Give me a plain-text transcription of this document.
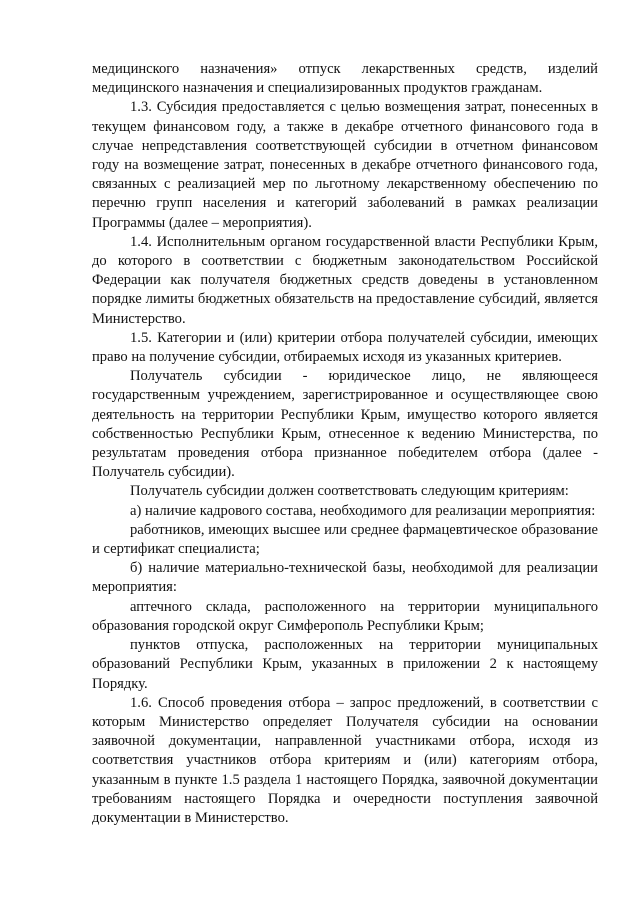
медицинского назначения» отпуск лекарственных средств, изделий медицинского назначения и специализированных продуктов гражданам.

1.3. Субсидия предоставляется с целью возмещения затрат, понесенных в текущем финансовом году, а также в декабре отчетного финансового года в случае непредставления соответствующей субсидии в отчетном финансовом году на возмещение затрат, понесенных в декабре отчетного финансового года, связанных с реализацией мер по льготному лекарственному обеспечению по перечню групп населения и категорий заболеваний в рамках реализации Программы (далее – мероприятия).

1.4. Исполнительным органом государственной власти Республики Крым, до которого в соответствии с бюджетным законодательством Российской Федерации как получателя бюджетных средств доведены в установленном порядке лимиты бюджетных обязательств на предоставление субсидий, является Министерство.

1.5. Категории и (или) критерии отбора получателей субсидии, имеющих право на получение субсидии, отбираемых исходя из указанных критериев.

Получатель субсидии - юридическое лицо, не являющееся государственным учреждением, зарегистрированное и осуществляющее свою деятельность на территории Республики Крым, имущество которого является собственностью Республики Крым, отнесенное к ведению Министерства, по результатам проведения отбора признанное победителем отбора (далее - Получатель субсидии).

Получатель субсидии должен соответствовать следующим критериям:

а) наличие кадрового состава, необходимого для реализации мероприятия:

работников, имеющих высшее или среднее фармацевтическое образование и сертификат специалиста;

б) наличие материально-технической базы, необходимой для реализации мероприятия:

аптечного склада, расположенного на территории муниципального образования городской округ Симферополь Республики Крым;

пунктов отпуска, расположенных на территории муниципальных образований Республики Крым, указанных в приложении 2 к настоящему Порядку.

1.6. Способ проведения отбора – запрос предложений, в соответствии с которым Министерство определяет Получателя субсидии на основании заявочной документации, направленной участниками отбора, исходя из соответствия участников отбора критериям и (или) категориям отбора, указанным в пункте 1.5 раздела 1 настоящего Порядка, заявочной документации требованиям настоящего Порядка и очередности поступления заявочной документации в Министерство.
